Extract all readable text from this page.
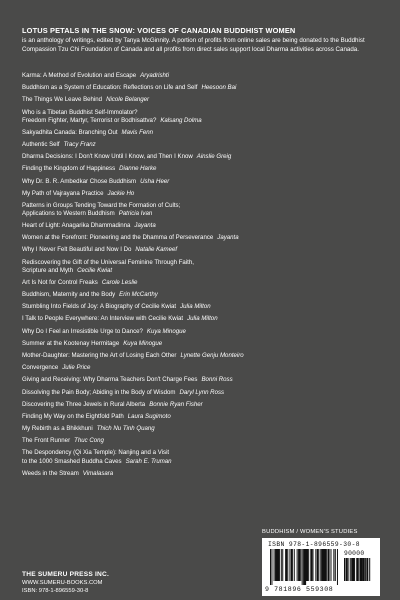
LOTUS PETALS IN THE SNOW: VOICES OF CANADIAN BUDDHIST WOMEN
is an anthology of writings, edited by Tanya McGinnity. A portion of profits from online sales are being donated to the Buddhist Compassion Tzu Chi Foundation of Canada and all profits from direct sales support local Dharma activities across Canada.
Karma: A Method of Evolution and Escape Aryadrishti
Buddhism as a System of Education: Reflections on Life and Self Heesoon Bai
The Things We Leave Behind Nicole Belanger
Who is a Tibetan Buddhist Self-Immolator?
Freedom Fighter, Martyr, Terrorist or Bodhisattva? Kalsang Dolma
Sakyadhita Canada: Branching Out Mavis Fenn
Authentic Self Tracy Franz
Dharma Decisions: I Don't Know Until I Know, and Then I Know Ainslie Greig
Finding the Kingdom of Happiness Dianne Harke
Why Dr. B. R. Ambedkar Chose Buddhism Usha Heer
My Path of Vajrayana Practice Jackie Ho
Patterns in Groups Tending Toward the Formation of Cults;
Applications to Western Buddhism Patricia Ivan
Heart of Light: Anagarika Dhammadinna Jayanta
Women at the Forefront: Pioneering and the Dhamma of Perseverance Jayanta
Why I Never Felt Beautiful and Now I Do Natalie Kameef
Rediscovering the Gift of the Universal Feminine Through Faith,
Scripture and Myth Cecilie Kwiat
Art Is Not for Control Freaks Carole Leslie
Buddhism, Maternity and the Body Erin McCarthy
Stumbling Into Fields of Joy: A Biography of Cecilie Kwiat Julia Milton
I Talk to People Everywhere: An Interview with Cecilie Kwiat Julia Milton
Why Do I Feel an Irresistible Urge to Dance? Kuya Minogue
Summer at the Kootenay Hermitage Kuya Minogue
Mother-Daughter: Mastering the Art of Losing Each Other Lynette Genju Monteiro
Convergence Julie Price
Giving and Receiving: Why Dharma Teachers Don't Charge Fees Bonni Ross
Dissolving the Pain Body; Abiding in the Body of Wisdom Daryl Lynn Ross
Discovering the Three Jewels in Rural Alberta Bonnie Ryan Fisher
Finding My Way on the Eightfold Path Laura Sugimoto
My Rebirth as a Bhikkhuni Thich Nu Tinh Quang
The Front Runner Thuc Cong
The Despondency (Qi Xia Temple): Nanjing and a Visit
to the 1000 Smashed Buddha Caves Sarah E. Truman
Weeds in the Stream Vimalasara
BUDDHISM / WOMEN'S STUDIES
ISBN 978-1-896559-30-8
90000
9 781896 559308
THE SUMERU PRESS INC.
WWW.SUMERU-BOOKS.COM
ISBN: 978-1-896559-30-8
